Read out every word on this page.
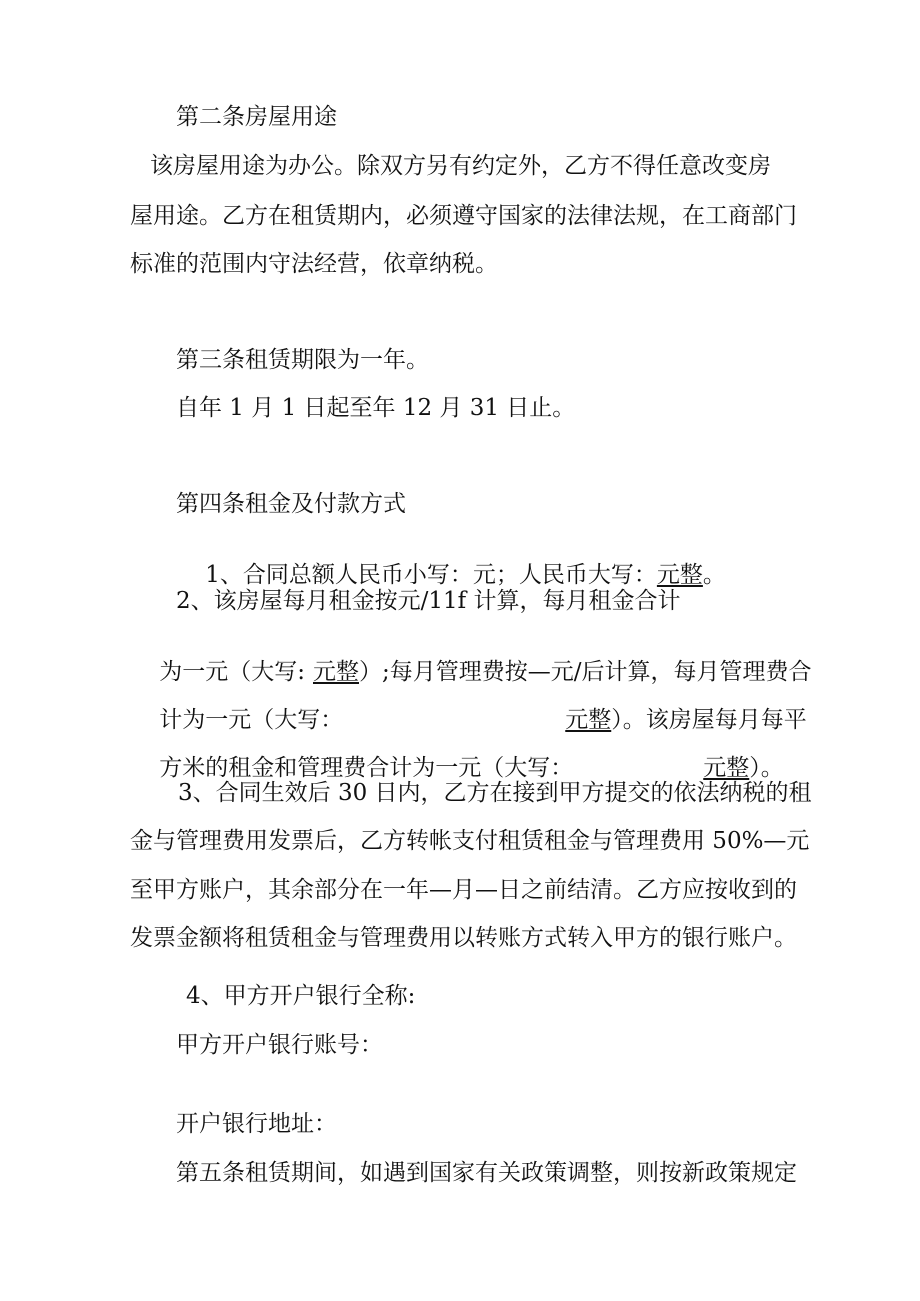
第二条房屋用途
该房屋用途为办公。除双方另有约定外，乙方不得任意改变房
屋用途。乙方在租赁期内，必须遵守国家的法律法规，在工商部门
标准的范围内守法经营，依章纳税。
第三条租赁期限为一年。
自年 1 月 1 日起至年 12 月 31 日止。
第四条租金及付款方式

1、合同总额人民币小写：元；人民币大写：元整。

2、该房屋每月租金按元/11f 计算，每月租金合计

为一元（大写: 元整）;每月管理费按—元/后计算，每月管理费合

计为一元（大写：	元整）。该房屋每月每平

方米的租金和管理费合计为一元（大写：	元整）。

3、合同生效后 30 日内，乙方在接到甲方提交的依法纳税的租
金与管理费用发票后，乙方转帐支付租赁租金与管理费用 50%—元
至甲方账户，其余部分在一年—月—日之前结清。乙方应按收到的
发票金额将租赁租金与管理费用以转账方式转入甲方的银行账户。
4、甲方开户银行全称:
甲方开户银行账号：
开户银行地址：
第五条租赁期间，如遇到国家有关政策调整，则按新政策规定
